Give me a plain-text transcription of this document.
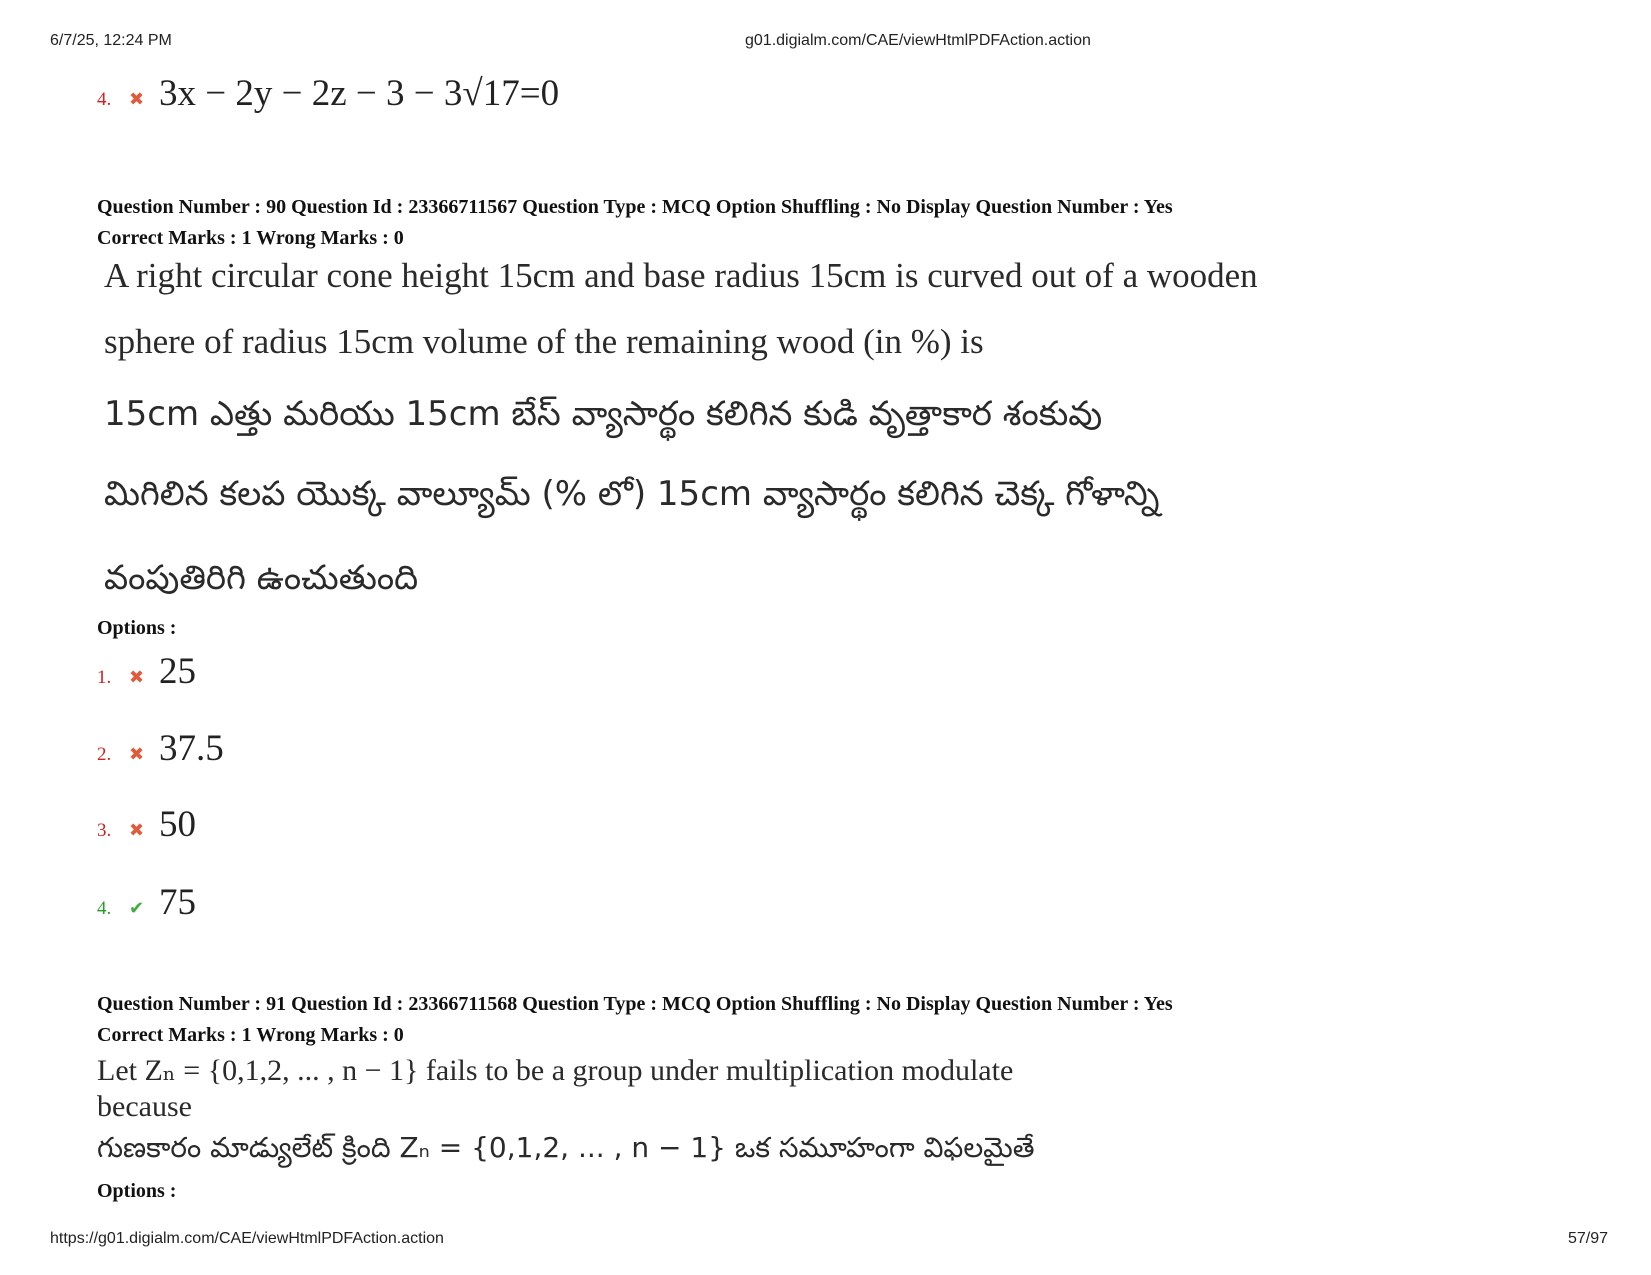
6/7/25, 12:24 PM	g01.digialm.com/CAE/viewHtmlPDFAction.action
4. ✖ 3x − 2y − 2z − 3 − 3√17=0
Question Number : 90 Question Id : 23366711567 Question Type : MCQ Option Shuffling : No Display Question Number : Yes
Correct Marks : 1 Wrong Marks : 0
A right circular cone height 15cm and base radius 15cm is curved out of a wooden
sphere of radius 15cm volume of the remaining wood (in %) is
15cm ఎత్తు మరియు 15cm బేస్ వ్యాసార్థం కలిగిన కుడి వృత్తాకార శంకువు
మిగిలిన కలప యొక్క వాల్యూమ్ (% లో) 15cm వ్యాసార్థం కలిగిన చెక్క గోళాన్ని
వంపుతిరిగి ఉంచుతుంది
Options :
1. ✖ 25
2. ✖ 37.5
3. ✖ 50
4. ✔ 75
Question Number : 91 Question Id : 23366711568 Question Type : MCQ Option Shuffling : No Display Question Number : Yes
Correct Marks : 1 Wrong Marks : 0
Let Zₙ = {0,1,2, ... , n − 1} fails to be a group under multiplication modulate
because
గుణకారం మాడ్యులేట్ క్రింది Zₙ = {0,1,2, ... , n − 1} ఒక సమూహంగా విఫలమైతే
Options :
https://g01.digialm.com/CAE/viewHtmlPDFAction.action	57/97
